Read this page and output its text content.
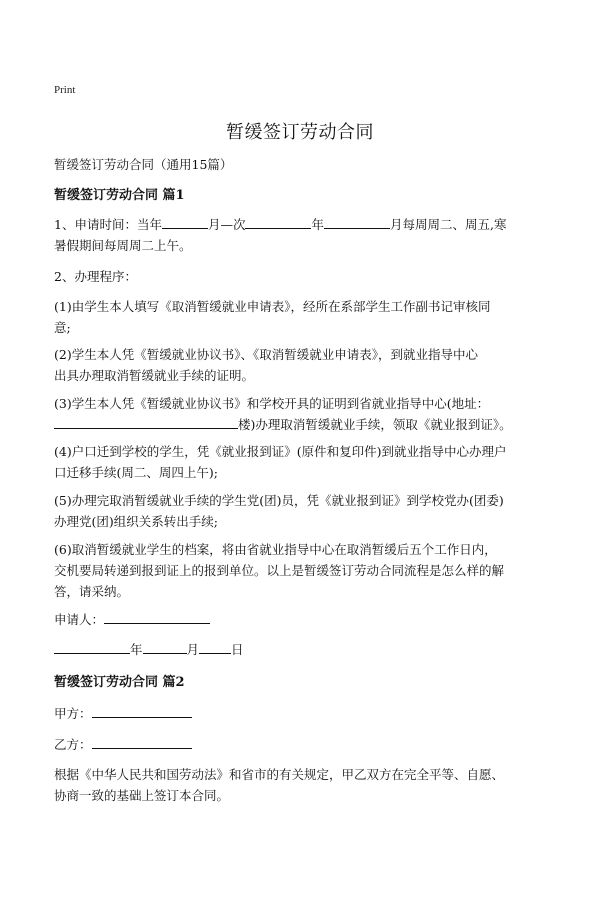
Print
暂缓签订劳动合同
暂缓签订劳动合同（通用15篇）
暂缓签订劳动合同 篇1
1、申请时间：当年	月—次	年	月每周周二、周五,寒
暑假期间每周周二上午。
2、办理程序：
(1)由学生本人填写《取消暂缓就业申请表》，经所在系部学生工作副书记审核同
意;
(2)学生本人凭《暂缓就业协议书》、《取消暂缓就业申请表》，到就业指导中心
出具办理取消暂缓就业手续的证明。
(3)学生本人凭《暂缓就业协议书》和学校开具的证明到省就业指导中心(地址：
楼)办理取消暂缓就业手续，领取《就业报到证》。
(4)户口迁到学校的学生，凭《就业报到证》(原件和复印件)到就业指导中心办理户
口迁移手续(周二、周四上午);
(5)办理完取消暂缓就业手续的学生党(团)员，凭《就业报到证》到学校党办(团委)
办理党(团)组织关系转出手续;
(6)取消暂缓就业学生的档案，将由省就业指导中心在取消暂缓后五个工作日内，
交机要局转递到报到证上的报到单位。以上是暂缓签订劳动合同流程是怎么样的解
答，请采纳。
申请人：
年	月	日
暂缓签订劳动合同 篇2
甲方：
乙方：
根据《中华人民共和国劳动法》和省市的有关规定，甲乙双方在完全平等、自愿、
协商一致的基础上签订本合同。
